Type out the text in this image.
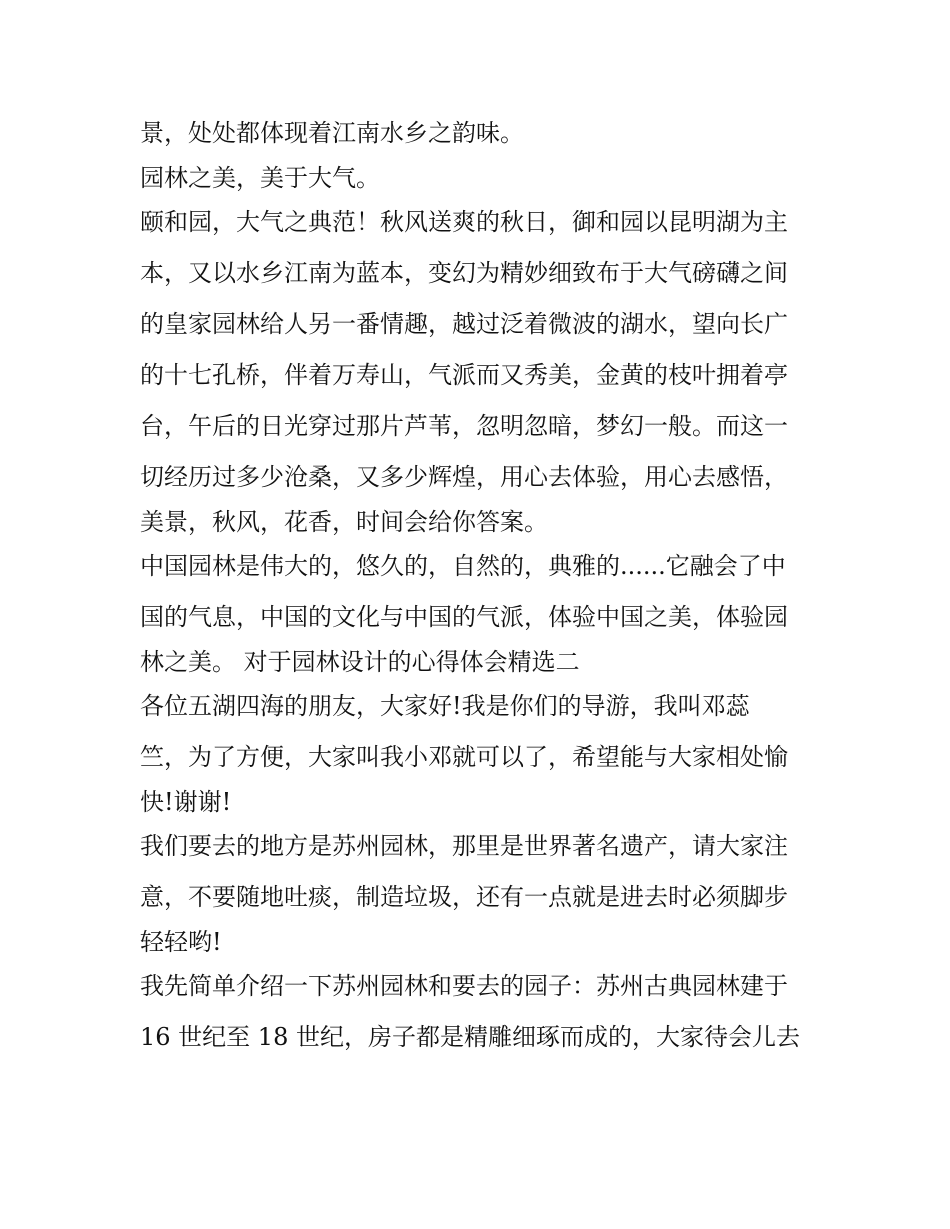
景，处处都体现着江南水乡之韵味。
园林之美，美于大气。
颐和园，大气之典范！秋风送爽的秋日，御和园以昆明湖为主
本，又以水乡江南为蓝本，变幻为精妙细致布于大气磅礴之间
的皇家园林给人另一番情趣，越过泛着微波的湖水，望向长广
的十七孔桥，伴着万寿山，气派而又秀美，金黄的枝叶拥着亭
台，午后的日光穿过那片芦苇，忽明忽暗，梦幻一般。而这一
切经历过多少沧桑，又多少辉煌，用心去体验，用心去感悟，
美景，秋风，花香，时间会给你答案。
中国园林是伟大的，悠久的，自然的，典雅的......它融会了中
国的气息，中国的文化与中国的气派，体验中国之美，体验园
林之美。 对于园林设计的心得体会精选二
各位五湖四海的朋友，大家好!我是你们的导游，我叫邓蕊
竺，为了方便，大家叫我小邓就可以了，希望能与大家相处愉
快!谢谢!
我们要去的地方是苏州园林，那里是世界著名遗产，请大家注
意，不要随地吐痰，制造垃圾，还有一点就是进去时必须脚步
轻轻哟!
我先简单介绍一下苏州园林和要去的园子：苏州古典园林建于
16 世纪至 18 世纪，房子都是精雕细琢而成的，大家待会儿去
